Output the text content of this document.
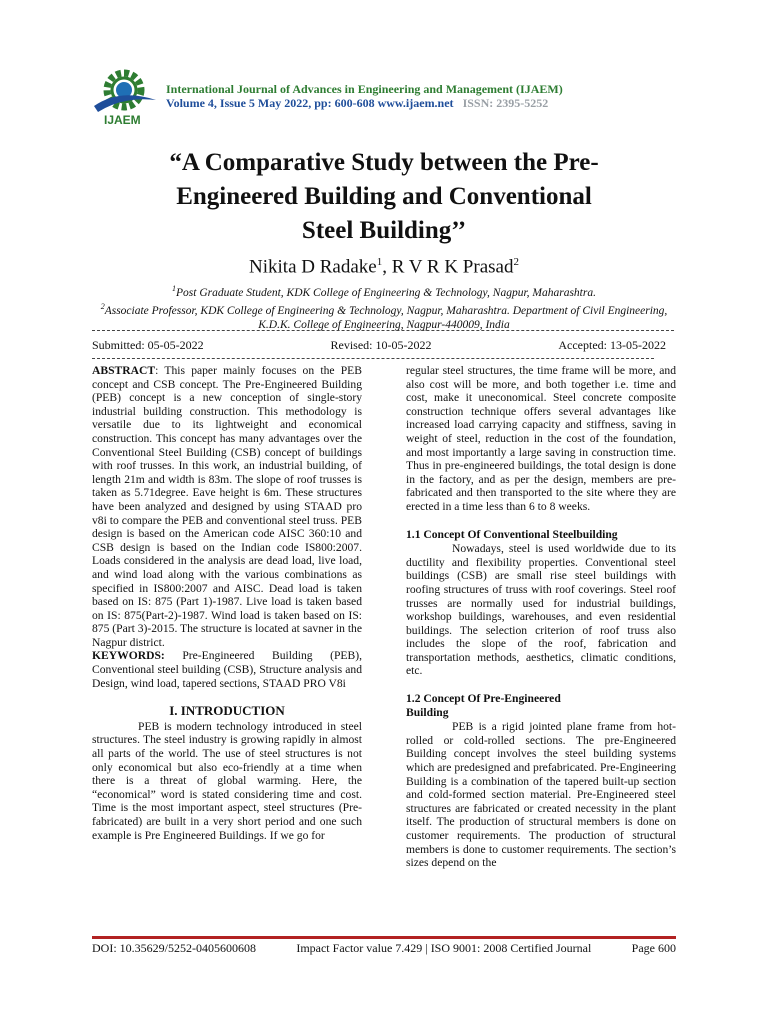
IJAEM
International Journal of Advances in Engineering and Management (IJAEM)
Volume 4, Issue 5 May 2022, pp: 600-608 www.ijaem.net ISSN: 2395-5252
“A Comparative Study between the Pre-
Engineered Building and Conventional
Steel Building’’
Nikita D Radake$^1$, R V R K Prasad$^2$
$^1$Post Graduate Student, KDK College of Engineering & Technology, Nagpur, Maharashtra.
$^2$Associate Professor, KDK College of Engineering & Technology, Nagpur, Maharashtra. Department of Civil Engineering, K.D.K. College of Engineering, Nagpur-440009, India
Submitted: 05-05-2022	Revised: 10-05-2022	Accepted: 13-05-2022

ABSTRACT: This paper mainly focuses on the PEB concept and CSB concept. The Pre-Engineered Building (PEB) concept is a new conception of single-story industrial building construction. This methodology is versatile due to its lightweight and economical construction. This concept has many advantages over the Conventional Steel Building (CSB) concept of buildings with roof trusses. In this work, an industrial building, of length 21m and width is 83m. The slope of roof trusses is taken as 5.71degree. Eave height is 6m. These structures have been analyzed and designed by using STAAD pro v8i to compare the PEB and conventional steel truss. PEB design is based on the American code AISC 360:10 and CSB design is based on the Indian code IS800:2007. Loads considered in the analysis are dead load, live load, and wind load along with the various combinations as specified in IS800:2007 and AISC. Dead load is taken based on IS: 875 (Part 1)-1987. Live load is taken based on IS: 875(Part-2)-1987. Wind load is taken based on IS: 875 (Part 3)-2015. The structure is located at savner in the Nagpur district.

KEYWORDS: Pre-Engineered Building (PEB), Conventional steel building (CSB), Structure analysis and Design, wind load, tapered sections, STAAD PRO V8i

I. INTRODUCTION

PEB is modern technology introduced in steel structures. The steel industry is growing rapidly in almost all parts of the world. The use of steel structures is not only economical but also eco-friendly at a time when there is a threat of global warming. Here, the “economical” word is stated considering time and cost. Time is the most important aspect, steel structures (Pre-fabricated) are built in a very short period and one such example is Pre Engineered Buildings. If we go for

regular steel structures, the time frame will be more, and also cost will be more, and both together i.e. time and cost, make it uneconomical. Steel concrete composite construction technique offers several advantages like increased load carrying capacity and stiffness, saving in weight of steel, reduction in the cost of the foundation, and most importantly a large saving in construction time. Thus in pre-engineered buildings, the total design is done in the factory, and as per the design, members are pre-fabricated and then transported to the site where they are erected in a time less than 6 to 8 weeks.

1.1 Concept Of Conventional Steelbuilding

Nowadays, steel is used worldwide due to its ductility and flexibility properties. Conventional steel buildings (CSB) are small rise steel buildings with roofing structures of truss with roof coverings. Steel roof trusses are normally used for industrial buildings, workshop buildings, warehouses, and even residential buildings. The selection criterion of roof truss also includes the slope of the roof, fabrication and transportation methods, aesthetics, climatic conditions, etc.

1.2 Concept Of Pre-Engineered
Building

PEB is a rigid jointed plane frame from hot-rolled or cold-rolled sections. The pre-Engineered Building concept involves the steel building systems which are predesigned and prefabricated. Pre-Engineering Building is a combination of the tapered built-up section and cold-formed section material. Pre-Engineered steel structures are fabricated or created necessity in the plant itself. The production of structural members is done on customer requirements. The production of structural members is done to customer requirements. The section’s sizes depend on the

DOI: 10.35629/5252-0405600608	Impact Factor value 7.429 | ISO 9001: 2008 Certified Journal	Page 600
